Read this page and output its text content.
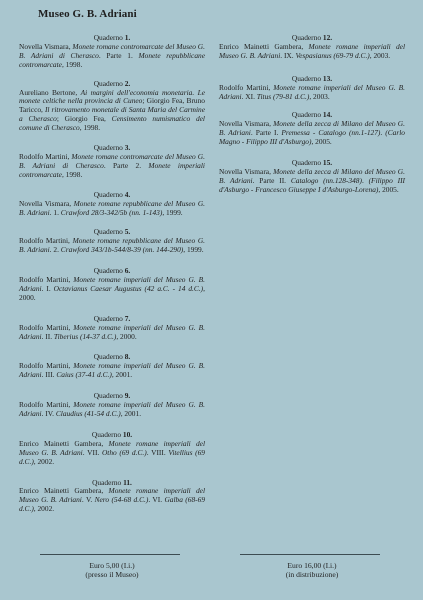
Museo G. B. Adriani
Quaderno 1.
Novella Vismara, Monete romane contromarcate del Museo G. B. Adriani di Cherasco. Parte 1. Monete repubblicane contromarcate, 1998.
Quaderno 2.
Aureliano Bertone, Ai margini dell'economia monetaria. Le monete celtiche nella provincia di Cuneo; Giorgio Fea, Bruno Taricco, Il ritrovamento monetale di Santa Maria del Carmine a Cherasco; Giorgio Fea, Censimento numismatico del comune di Cherasco, 1998.
Quaderno 3.
Rodolfo Martini, Monete romane contromarcate del Museo G. B. Adriani di Cherasco. Parte 2. Monete imperiali contromarcate, 1998.
Quaderno 4.
Novella Vismara, Monete romane repubblicane del Museo G. B. Adriani. 1. Crawford 28/3-342/5b (nn. 1-143), 1999.
Quaderno 5.
Rodolfo Martini, Monete romane repubblicane del Museo G. B. Adriani. 2. Crawford 343/1b-544/8-39 (nn. 144-290), 1999.
Quaderno 6.
Rodolfo Martini, Monete romane imperiali del Museo G. B. Adriani. I. Octavianus Caesar Augustus (42 a.C. - 14 d.C.), 2000.
Quaderno 7.
Rodolfo Martini, Monete romane imperiali del Museo G. B. Adriani. II. Tiberius (14-37 d.C.), 2000.
Quaderno 8.
Rodolfo Martini, Monete romane imperiali del Museo G. B. Adriani. III. Caius (37-41 d.C.), 2001.
Quaderno 9.
Rodolfo Martini, Monete romane imperiali del Museo G. B. Adriani. IV. Claudius (41-54 d.C.), 2001.
Quaderno 10.
Enrico Mainetti Gambera, Monete romane imperiali del Museo G. B. Adriani. VII. Otho (69 d.C.). VIII. Vitellius (69 d.C.), 2002.
Quaderno 11.
Enrico Mainetti Gambera, Monete romane imperiali del Museo G. B. Adriani. V. Nero (54-68 d.C.). VI. Galba (68-69 d.C.), 2002.
Quaderno 12.
Enrico Mainetti Gambera, Monete romane imperiali del Museo G. B. Adriani. IX. Vespasianus (69-79 d.C.), 2003.
Quaderno 13.
Rodolfo Martini, Monete romane imperiali del Museo G. B. Adriani. XI. Titus (79-81 d.C.), 2003.
Quaderno 14.
Novella Vismara, Monete della zecca di Milano del Museo G. B. Adriani. Parte I. Premessa - Catalogo (nn.1-127). (Carlo Magno - Filippo III d'Asburgo), 2005.
Quaderno 15.
Novella Vismara, Monete della zecca di Milano del Museo G. B. Adriani. Parte II. Catalogo (nn.128-348). (Filippo III d'Asburgo - Francesco Giuseppe I d'Asburgo-Lorena), 2005.
Euro 5,00 (I.i.)
(presso il Museo)
Euro 16,00 (I.i.)
(in distribuzione)
